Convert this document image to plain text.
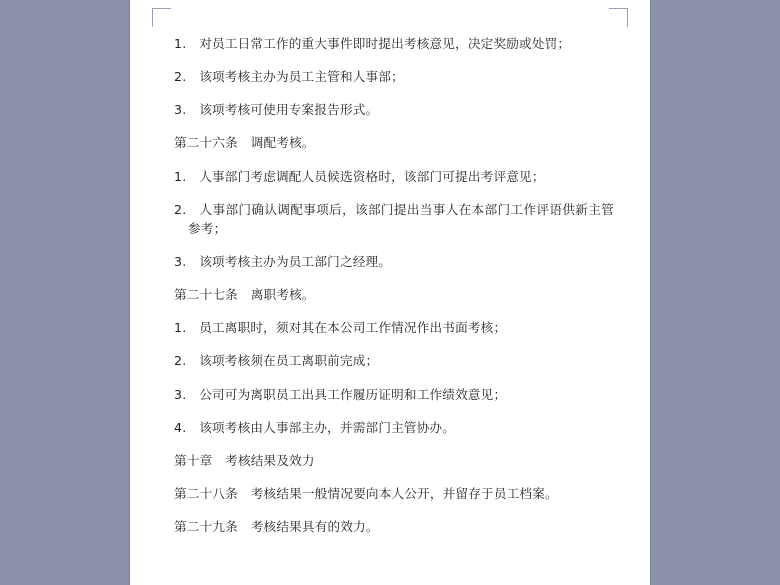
1.　对员工日常工作的重大事件即时提出考核意见，决定奖励或处罚；

2.　该项考核主办为员工主管和人事部；

3.　该项考核可使用专案报告形式。

第二十六条　调配考核。

1.　人事部门考虑调配人员候选资格时，该部门可提出考评意见；

2.　人事部门确认调配事项后，该部门提出当事人在本部门工作评语供新主管参考；

3.　该项考核主办为员工部门之经理。

第二十七条　离职考核。

1.　员工离职时，须对其在本公司工作情况作出书面考核；

2.　该项考核须在员工离职前完成；

3.　公司可为离职员工出具工作履历证明和工作绩效意见；

4.　该项考核由人事部主办，并需部门主管协办。

第十章　考核结果及效力

第二十八条　考核结果一般情况要向本人公开，并留存于员工档案。

第二十九条　考核结果具有的效力。
